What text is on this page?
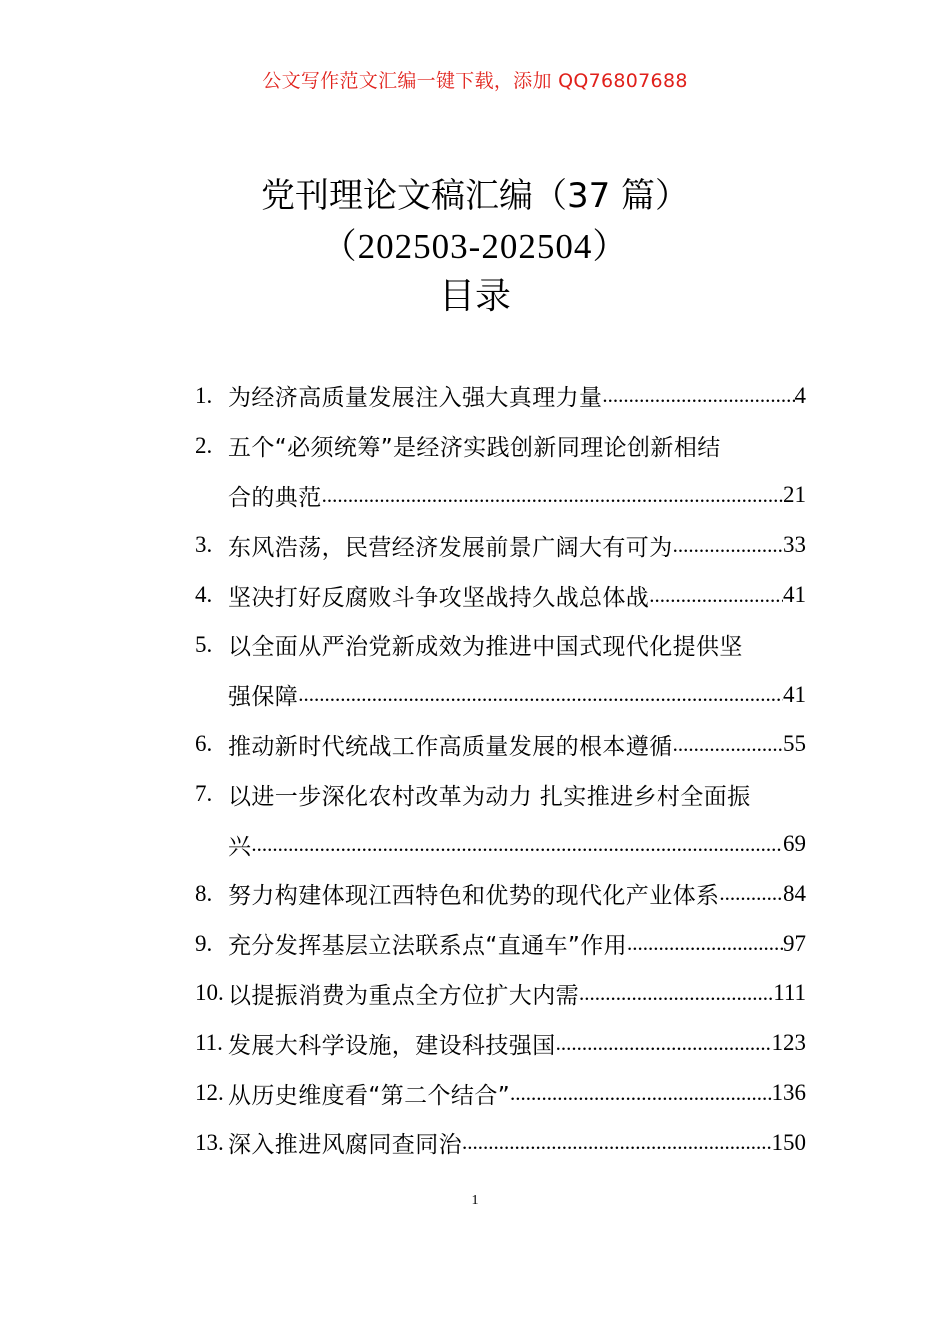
公文写作范文汇编一键下载，添加 QQ76807688
党刊理论文稿汇编（37 篇）
（202503-202504）
目录
1. 为经济高质量发展注入强大真理力量 .....	4
2. 五个“必须统筹”是经济实践创新同理论创新相结
合的典范 .....	21
3. 东风浩荡，民营经济发展前景广阔大有可为 .....	33
4. 坚决打好反腐败斗争攻坚战持久战总体战 .....	41
5. 以全面从严治党新成效为推进中国式现代化提供坚
强保障 .....	41
6. 推动新时代统战工作高质量发展的根本遵循 .....	55
7. 以进一步深化农村改革为动力 扎实推进乡村全面振
兴 .....	69
8. 努力构建体现江西特色和优势的现代化产业体系 .....	84
9. 充分发挥基层立法联系点“直通车”作用 .....	97
10. 以提振消费为重点全方位扩大内需 .....	111
11. 发展大科学设施，建设科技强国 .....	123
12. 从历史维度看“第二个结合” .....	136
13. 深入推进风腐同查同治 .....	150
1
